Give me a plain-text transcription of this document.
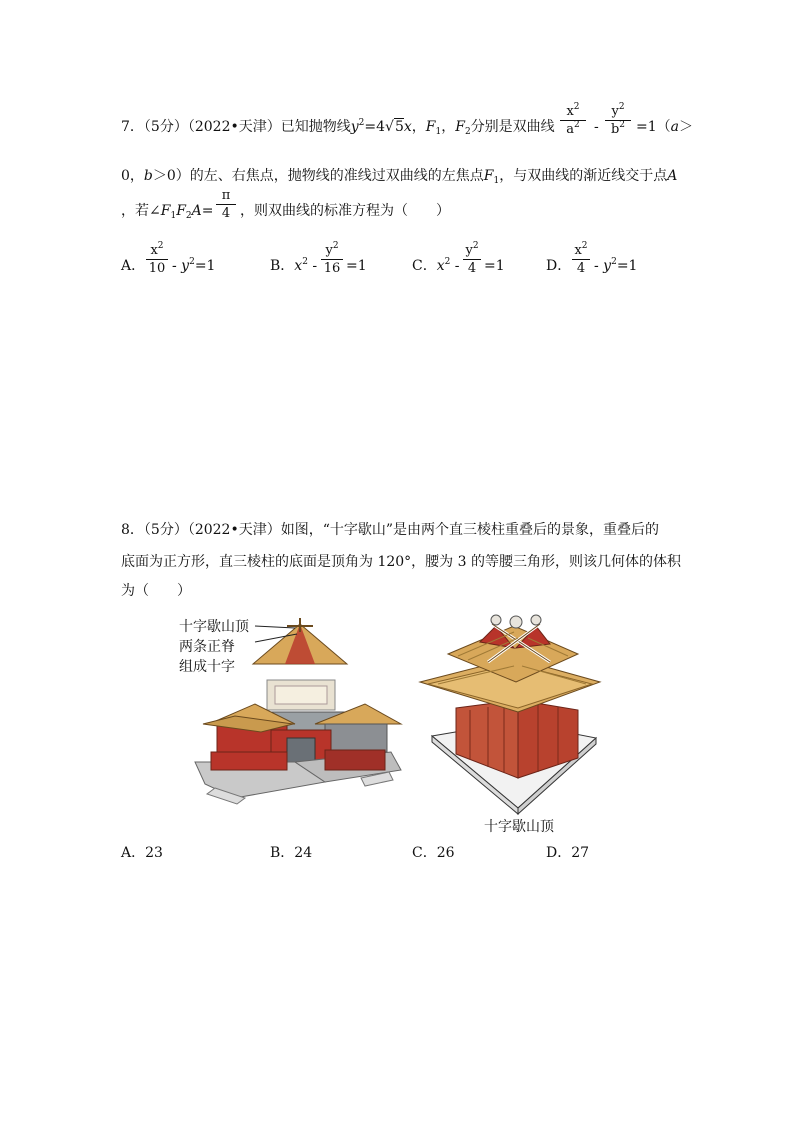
7．（5分）（2022•天津）已知抛物线$y^2=4√5x$，$F_1$，$F_2$分别是双曲线
$x^2$
$a^2$	-
$y^2$
$b^2 =1(a>$
0，b＞0）的左、右焦点，抛物线的准线过双曲线的左焦点$F_1$，与双曲线的渐近线交于点A
，若$\angle F_1F_2A=$
π
4 ，则双曲线的标准方程为（　　）
A．
$x^2$
$10 - y^2=1$	B．$x^2$ -
$y^2$
16 =1	C．$x^2$ -
$y^2$
4 =1	D．
$x^2$
$4 - y^2=1$
8．（5分）（2022•天津）如图，“十字歇山”是由两个直三棱柱重叠后的景象，重叠后的
底面为正方形，直三棱柱的底面是顶角为 120°，腰为 3 的等腰三角形，则该几何体的体积
为（　　）
十字歇山顶
两条正脊
组成十字
十字歇山顶
A．23	B．24	C．26	D．27
